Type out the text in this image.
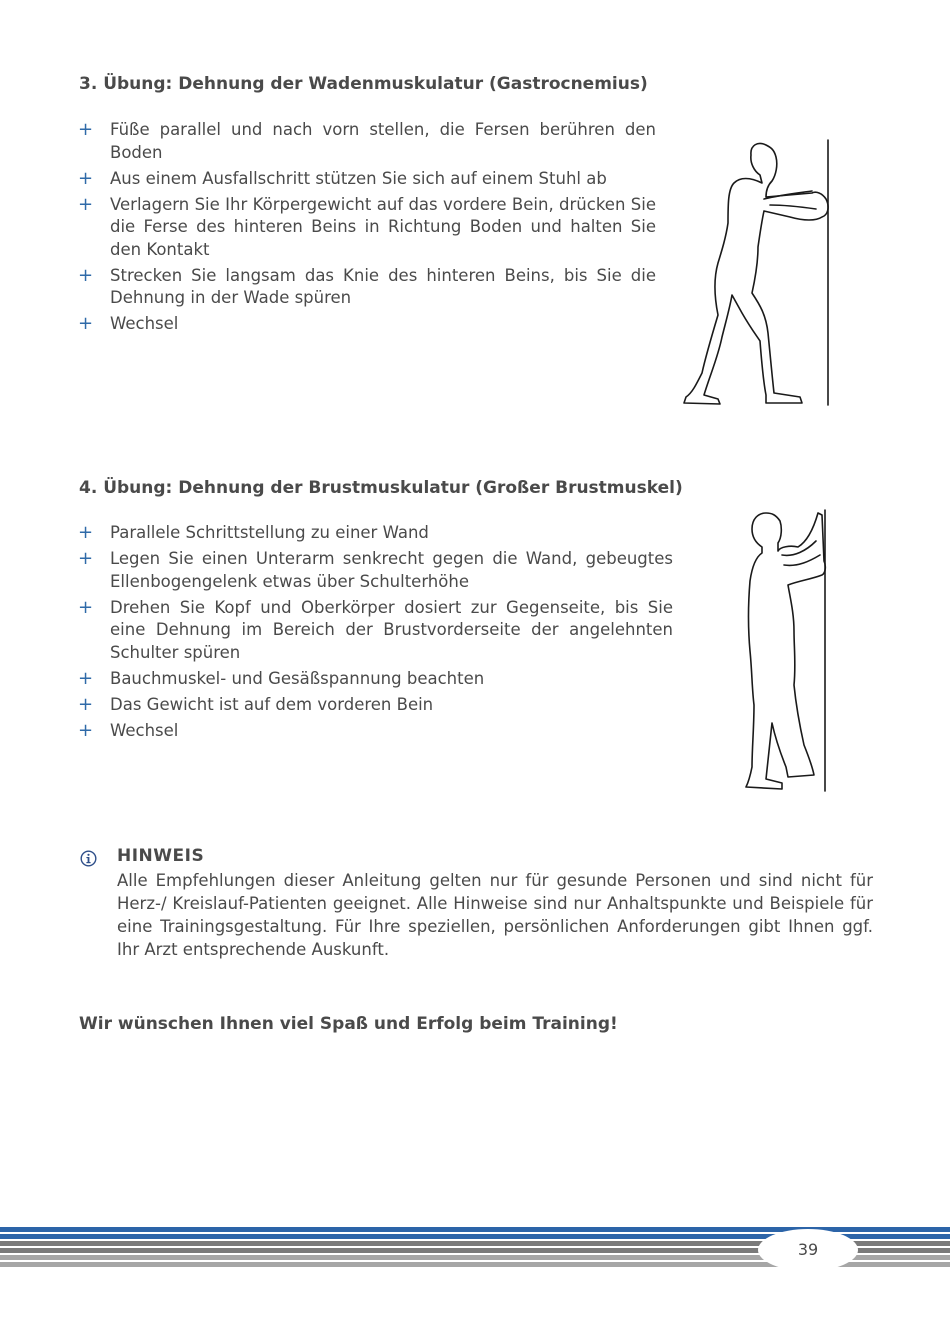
3. Übung: Dehnung der Wadenmuskulatur (Gastrocnemius)
+ Füße parallel und nach vorn stellen, die Fersen berühren den Boden
+ Aus einem Ausfallschritt stützen Sie sich auf einem Stuhl ab
+ Verlagern Sie Ihr Körpergewicht auf das vordere Bein, drücken Sie die Ferse des hinteren Beins in Richtung Boden und halten Sie den Kontakt
+ Strecken Sie langsam das Knie des hinteren Beins, bis Sie die Dehnung in der Wade spüren
+ Wechsel
4. Übung: Dehnung der Brustmuskulatur (Großer Brustmuskel)
+ Parallele Schrittstellung zu einer Wand
+ Legen Sie einen Unterarm senkrecht gegen die Wand, gebeugtes Ellenbogengelenk etwas über Schulterhöhe
+ Drehen Sie Kopf und Oberkörper dosiert zur Gegenseite, bis Sie eine Dehnung im Bereich der Brustvorderseite der angelehnten Schulter spüren
+ Bauchmuskel- und Gesäßspannung beachten
+ Das Gewicht ist auf dem vorderen Bein
+ Wechsel
HINWEIS

Alle Empfehlungen dieser Anleitung gelten nur für gesunde Personen und sind nicht für Herz-/ Kreislauf-Patienten geeignet. Alle Hinweise sind nur Anhaltspunkte und Beispiele für eine Trainingsgestaltung. Für Ihre speziellen, persönlichen Anforderungen gibt Ihnen ggf. Ihr Arzt entsprechende Auskunft.

Wir wünschen Ihnen viel Spaß und Erfolg beim Training!

39
